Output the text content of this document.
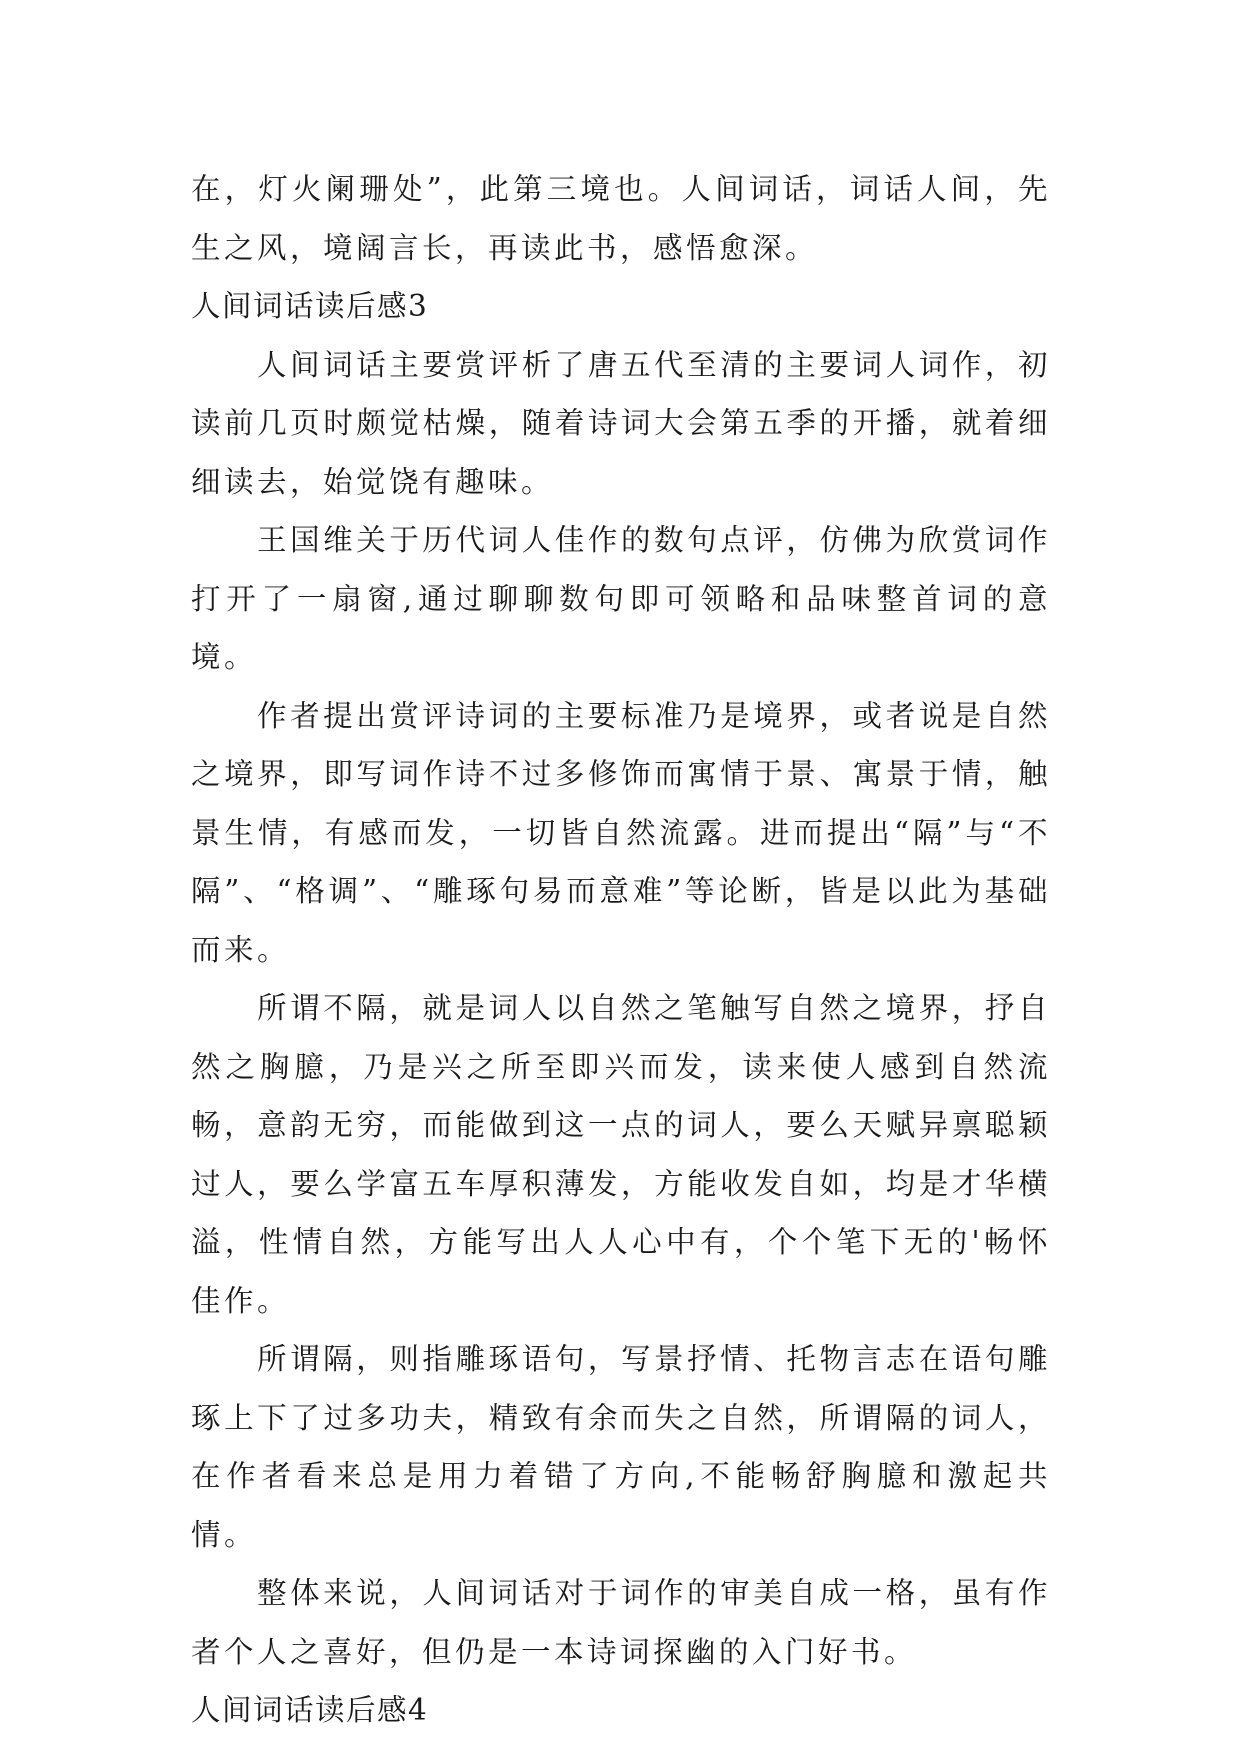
在，灯火阑珊处”，此第三境也。人间词话，词话人间，先生之风，境阔言长，再读此书，感悟愈深。

人间词话读后感3

人间词话主要赏评析了唐五代至清的主要词人词作，初读前几页时颇觉枯燥，随着诗词大会第五季的开播，就着细细读去，始觉饶有趣味。

王国维关于历代词人佳作的数句点评，仿佛为欣赏词作打开了一扇窗,通过聊聊数句即可领略和品味整首词的意境。

作者提出赏评诗词的主要标准乃是境界，或者说是自然之境界，即写词作诗不过多修饰而寓情于景、寓景于情，触景生情，有感而发，一切皆自然流露。进而提出“隔”与“不隔”、“格调”、“雕琢句易而意难”等论断，皆是以此为基础而来。

所谓不隔，就是词人以自然之笔触写自然之境界，抒自然之胸臆，乃是兴之所至即兴而发，读来使人感到自然流畅，意韵无穷，而能做到这一点的词人，要么天赋异禀聪颖过人，要么学富五车厚积薄发，方能收发自如，均是才华横溢，性情自然，方能写出人人心中有，个个笔下无的'畅怀佳作。

所谓隔，则指雕琢语句，写景抒情、托物言志在语句雕琢上下了过多功夫，精致有余而失之自然，所谓隔的词人，在作者看来总是用力着错了方向,不能畅舒胸臆和激起共情。

整体来说，人间词话对于词作的审美自成一格，虽有作者个人之喜好，但仍是一本诗词探幽的入门好书。

人间词话读后感4
